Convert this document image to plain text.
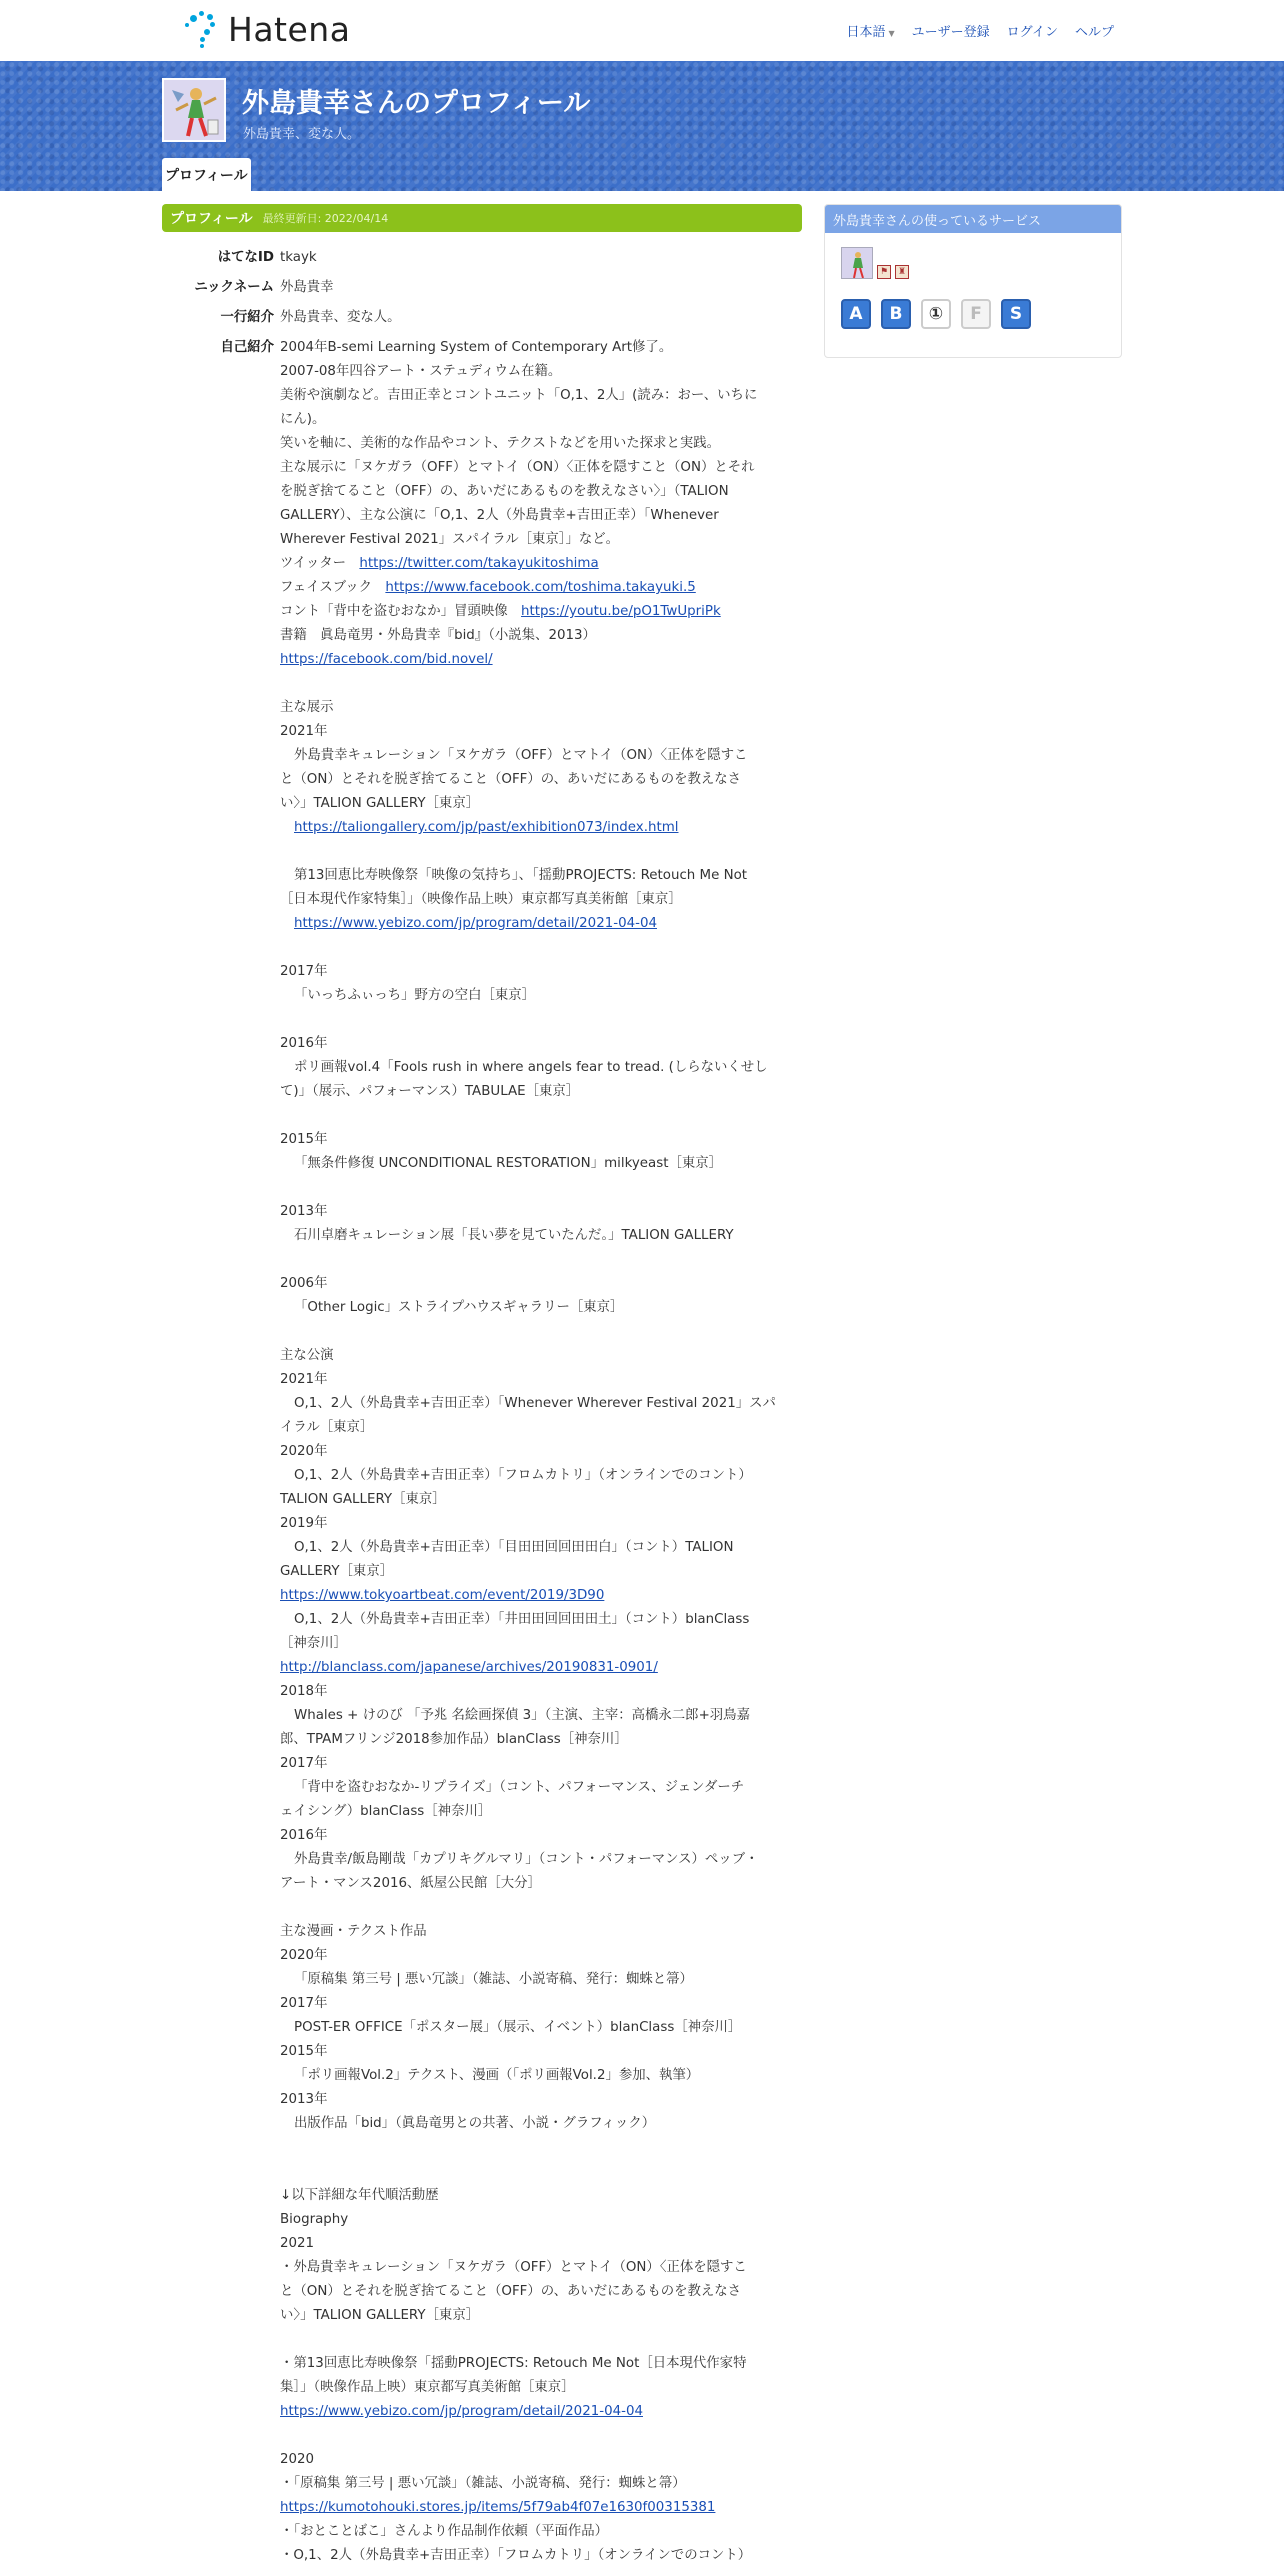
Hatena	日本語 ▼ ユーザー登録 ログイン ヘルプ
外島貴幸さんのプロフィール
外島貴幸、変な人。
プロフィール
プロフィール 最終更新日: 2022/04/14
はてなID tkayk
ニックネーム 外島貴幸
一行紹介 外島貴幸、変な人。
自己紹介 2004年B-semi Learning System of Contemporary Art修了。
2007-08年四谷アート・ステュディウム在籍。
美術や演劇など。吉田正幸とコントユニット「O,1、2人」(読み：おー、いちに
にん)。
笑いを軸に、美術的な作品やコント、テクストなどを用いた探求と実践。
主な展示に「ヌケガラ（OFF）とマトイ（ON）〈正体を隠すこと（ON）とそれ
を脱ぎ捨てること（OFF）の、あいだにあるものを教えなさい〉」（TALION
GALLERY）、主な公演に「O,1、2人（外島貴幸+吉田正幸）「Whenever
Wherever Festival 2021」スパイラル［東京］」など。
ツイッター　https://twitter.com/takayukitoshima
フェイスブック　https://www.facebook.com/toshima.takayuki.5
コント「背中を盗むおなか」冒頭映像　https://youtu.be/pO1TwUpriPk
書籍　眞島竜男・外島貴幸『bid』（小説集、2013）
https://facebook.com/bid.novel/
主な展示
2021年
外島貴幸キュレーション「ヌケガラ（OFF）とマトイ（ON）〈正体を隠すこ
と（ON）とそれを脱ぎ捨てること（OFF）の、あいだにあるものを教えなさ
い〉」TALION GALLERY［東京］
https://taliongallery.com/jp/past/exhibition073/index.html
第13回恵比寿映像祭「映像の気持ち」、「揺動PROJECTS: Retouch Me Not
［日本現代作家特集］」（映像作品上映）東京都写真美術館［東京］
https://www.yebizo.com/jp/program/detail/2021-04-04
2017年
「いっちふぃっち」野方の空白［東京］
2016年
ポリ画報vol.4「Fools rush in where angels fear to tread. (しらないくせし
て)」（展示、パフォーマンス）TABULAE［東京］
2015年
「無条件修復 UNCONDITIONAL RESTORATION」milkyeast［東京］
2013年
石川卓磨キュレーション展「長い夢を見ていたんだ。」TALION GALLERY
2006年
「Other Logic」ストライプハウスギャラリー［東京］
主な公演
2021年
O,1、2人（外島貴幸+吉田正幸）「Whenever Wherever Festival 2021」スパ
イラル［東京］
2020年
O,1、2人（外島貴幸+吉田正幸）「フロムカトリ」（オンラインでのコント）
TALION GALLERY［東京］
2019年
O,1、2人（外島貴幸+吉田正幸）「目田田回回田田白」（コント）TALION
GALLERY［東京］
https://www.tokyoartbeat.com/event/2019/3D90
O,1、2人（外島貴幸+吉田正幸）「井田田回回田田土」（コント）blanClass
［神奈川］
http://blanclass.com/japanese/archives/20190831-0901/
2018年
Whales + けのび 「予兆 名絵画探偵 3」（主演、主宰：高橋永二郎+羽鳥嘉
郎、TPAMフリンジ2018参加作品）blanClass［神奈川］
2017年
「背中を盗むおなか-リプライズ」（コント、パフォーマンス、ジェンダーチ
ェイシング）blanClass［神奈川］
2016年
外島貴幸/飯島剛哉「カプリキグルマリ」（コント・パフォーマンス）ペッブ・
アート・マンス2016、紙屋公民館［大分］
主な漫画・テクスト作品
2020年
「原稿集 第三号 | 悪い冗談」（雑誌、小説寄稿、発行：蜘蛛と箒）
2017年
POST-ER OFFICE「ポスター展」（展示、イベント）blanClass［神奈川］
2015年
「ポリ画報Vol.2」テクスト、漫画（「ポリ画報Vol.2」参加、執筆）
2013年
出版作品「bid」（眞島竜男との共著、小説・グラフィック）
↓以下詳細な年代順活動歴
Biography
2021
・外島貴幸キュレーション「ヌケガラ（OFF）とマトイ（ON）〈正体を隠すこ
と（ON）とそれを脱ぎ捨てること（OFF）の、あいだにあるものを教えなさ
い〉」TALION GALLERY［東京］
・第13回恵比寿映像祭「揺動PROJECTS: Retouch Me Not［日本現代作家特
集］」（映像作品上映）東京都写真美術館［東京］
https://www.yebizo.com/jp/program/detail/2021-04-04
2020
・「原稿集 第三号 | 悪い冗談」（雑誌、小説寄稿、発行：蜘蛛と箒）
https://kumotohouki.stores.jp/items/5f79ab4f07e1630f00315381
・「おとことばこ」さんより作品制作依頼（平面作品）
・O,1、2人（外島貴幸+吉田正幸）「フロムカトリ」（オンラインでのコント）
外島貴幸さんの使っているサービス
⚑	♜
A	B	①	F	S
